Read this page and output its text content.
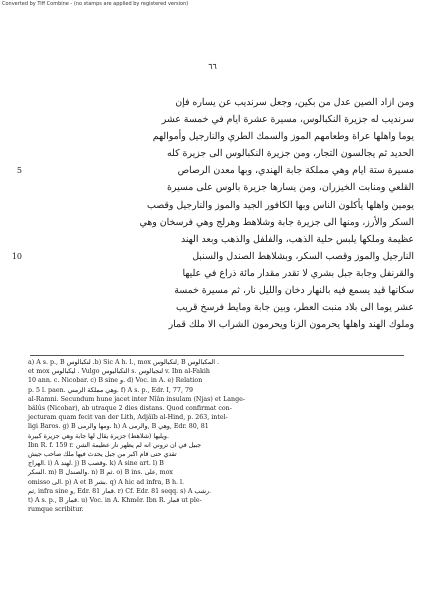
Converted by Tiff Combine - (no stamps are applied by registered version)
٦٦
ومن ازاد الصين عدل من بكين، وجعل سرنديب عن يساره فإن
سرنديب له جزيرة النكبالوس، مسيرة عشرة ايام في خمسة عشر
يوما واهلها عراة وطعامهم الموز والسمك الطري والنارجيل وأموالهم
الحديد ثم يجالسون التجار، ومن جزيرة النكبالوس الى جزيرة كله
مسيرة ستة ايام وهي مملكة جابة الهندي، وبها معدن الرصاص
5
القلعي ومنابت الخيزران، ومن يسارها جزيرة بالوس على مسيرة
يومين واهلها يأكلون الناس وبها الكافور الجيد والموز والنارجيل وقصب
السكر والأرز، ومنها الى جزيرة جابة وشلاهط وهرلج وهي فرسخان وهي
عظيمة وملكها يلبس حلية الذهب، والفلفل والذهب وبعد الهند
النارجيل والموز وقصب السكر، وبشلاهط الصندل والسنبل
10
والقرنفل وجابة جبل بشري لا تقدر مقدار مائة ذراع في عليها
سكانها قيد يسمع فيه بالنهار دخان والليل نار، ثم مسيرة خمسة
عشر يوما الى بلاد منبت العطر، وبين جابة ومايط فرسخ قريب
وملوك الهند واهلها يحرمون الزنا ويحرمون الشراب الا ملك قمار
a) A s. p., B لنكبالوس .b) Sic A h. l., mox لنكبالوس, B المكبالوس .
et mox ليكبالوس . Vulgo النكباليوس s. لنجبالوس v. Ibn al-Fakih
10 ann. c. Nicobar. c) B sine و. d) Voc. in A. e) Relation
p. 5 l. paen. وهي مملكة الرمني. f) A s. p., Edr. I, 77, 79
al-Ramni. Secundum hune jacet inter Nîân insulam (Njas) et Lange-
bâlûs (Nicobar), ab utraque 2 dies distans. Quod confirmat con-
jecturam quam fecit van der Lith, Adjâïb al-Hind, p. 263, intel-
ligi Baros. g) B ومها والرمى. h) A والرمى, B وهي, Edr. 80, 81
ويليها (شلاهط) جزيرة يقال لها جابة وهي جزيرة كبيرة.
Ibn R. f. 159 r. جبيل في ان تروني انه لم يظهر نار عظيمة الشن
تقدي حتى قام اكبر من جبل يحدث فيها ملك صاحب جيش
الهراج. i) A لهند. j) B وقصب. k) A sine art. l) B
السكر. m) B والصندل. n) B ثم. o) B ins. على, mox
omisso الى. p) A et B بشر. q) A hic ad infra, B h. l.
ثم, infra sine و, Edr. 81 قمار. r) Cf. Edr. 81 seqq. s) A رشب.
t) A s. p., B قمار. u) Voc. in A. Khmêr. Ibn R. قمار ut ple-
rumque scribitur.
